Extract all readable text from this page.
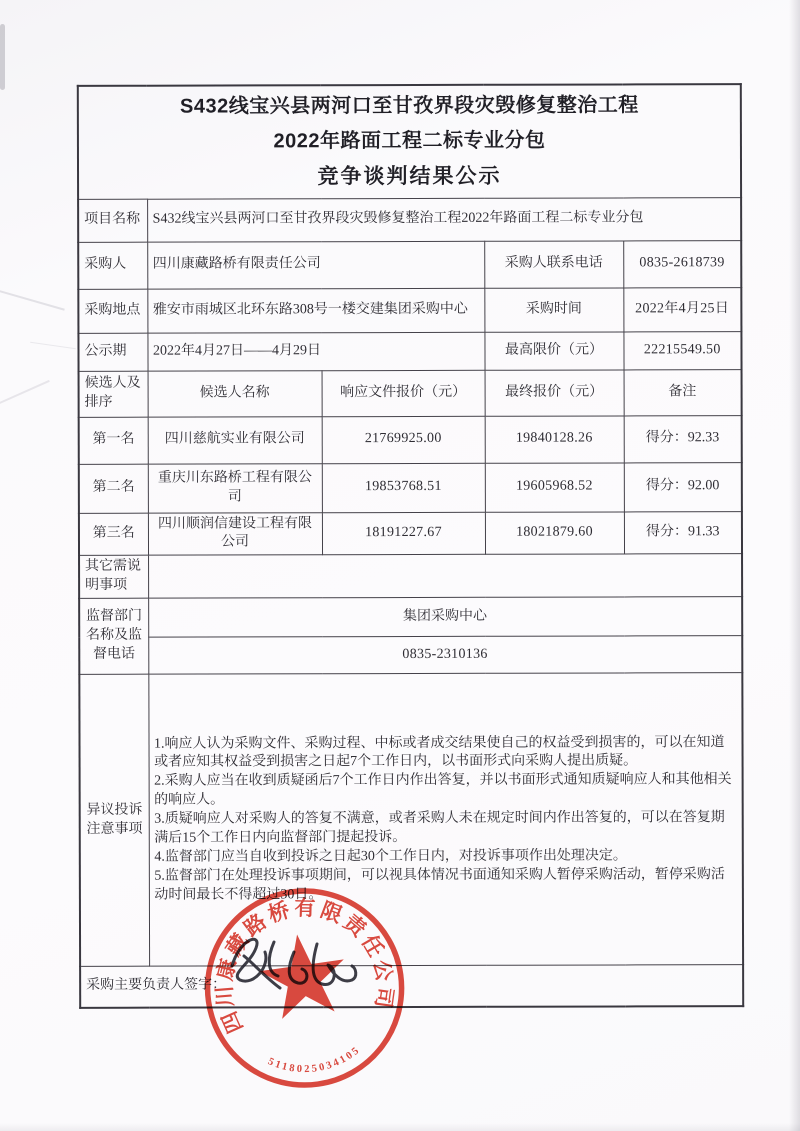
S432线宝兴县两河口至甘孜界段灾毁修复整治工程
2022年路面工程二标专业分包
竞争谈判结果公示				

项目名称	S432线宝兴县两河口至甘孜界段灾毁修复整治工程2022年路面工程二标专业分包			
采购人	四川康藏路桥有限责任公司		采购人联系电话	0835-2618739
采购地点	雅安市雨城区北环东路308号一楼交建集团采购中心		采购时间	2022年4月25日
公示期	2022年4月27日——4月29日		最高限价（元）	22215549.50
候选人及排序	候选人名称	响应文件报价（元）	最终报价（元）	备注
第一名	四川慈航实业有限公司	21769925.00	19840128.26	得分：92.33
第二名	重庆川东路桥工程有限公司	19853768.51	19605968.52	得分：92.00
第三名	四川顺润信建设工程有限公司	18191227.67	18021879.60	得分：91.33
其它需说明事项				
监督部门名称及监督电话	集团采购中心			
	0835-2310136			
异议投诉注意事项	1.响应人认为采购文件、采购过程、中标或者成交结果使自己的权益受到损害的，可以在知道或者应知其权益受到损害之日起7个工作日内，以书面形式向采购人提出质疑。
2.采购人应当在收到质疑函后7个工作日内作出答复，并以书面形式通知质疑响应人和其他相关的响应人。
3.质疑响应人对采购人的答复不满意，或者采购人未在规定时间内作出答复的，可以在答复期满后15个工作日内向监督部门提起投诉。
4.监督部门应当自收到投诉之日起30个工作日内，对投诉事项作出处理决定。
5.监督部门在处理投诉事项期间，可以视具体情况书面通知采购人暂停采购活动，暂停采购活动时间最长不得超过30日。			

采购主要负责人签字：				
四川康藏路桥有限责任公司
5118025034105
